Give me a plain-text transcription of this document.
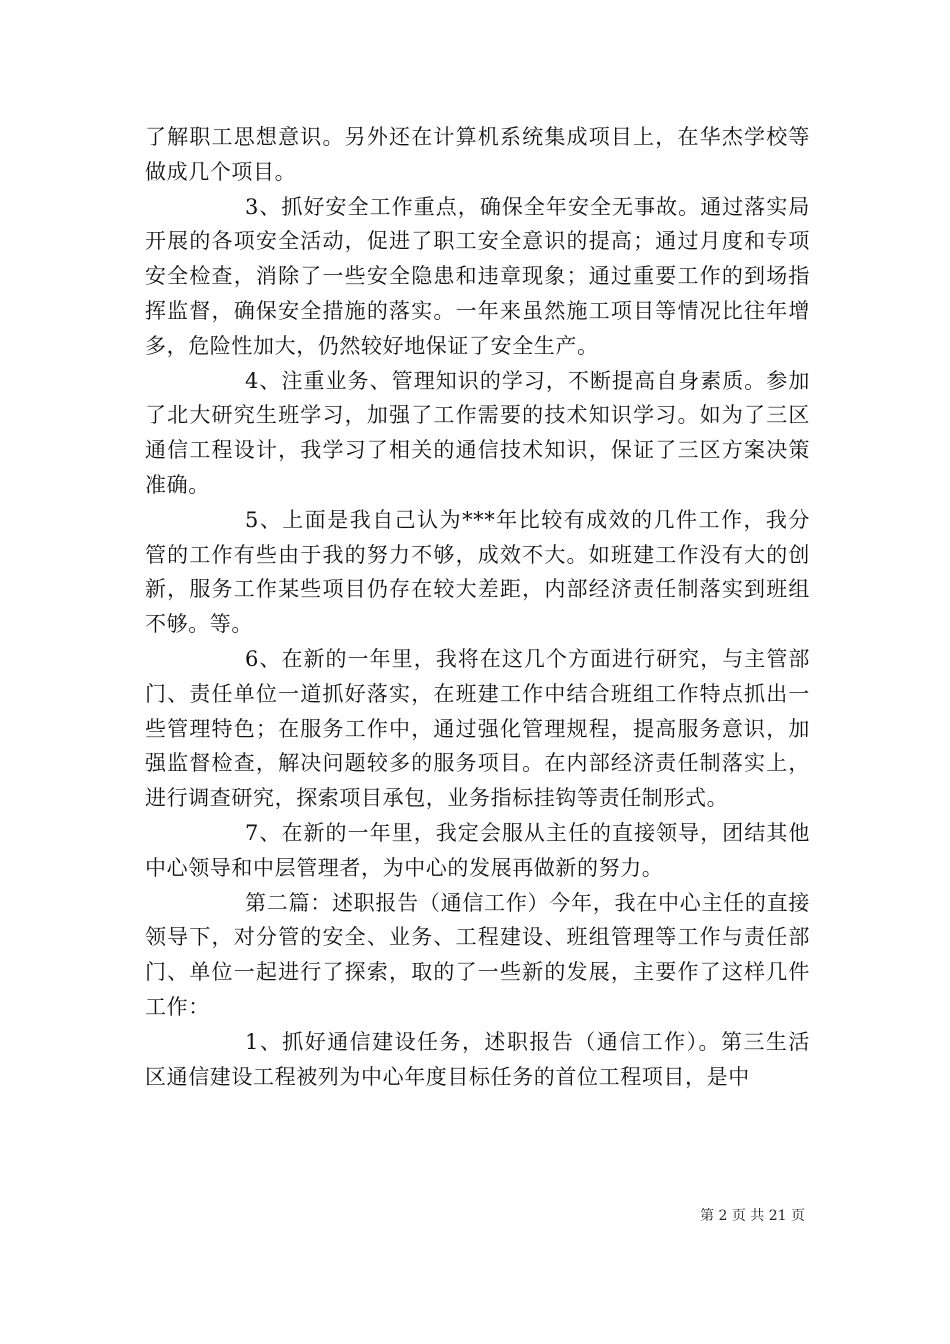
了解职工思想意识。另外还在计算机系统集成项目上，在华杰学校等做成几个项目。

3、抓好安全工作重点，确保全年安全无事故。通过落实局开展的各项安全活动，促进了职工安全意识的提高；通过月度和专项安全检查，消除了一些安全隐患和违章现象；通过重要工作的到场指挥监督，确保安全措施的落实。一年来虽然施工项目等情况比往年增多，危险性加大，仍然较好地保证了安全生产。

4、注重业务、管理知识的学习，不断提高自身素质。参加了北大研究生班学习，加强了工作需要的技术知识学习。如为了三区通信工程设计，我学习了相关的通信技术知识，保证了三区方案决策准确。

5、上面是我自己认为***年比较有成效的几件工作，我分管的工作有些由于我的努力不够，成效不大。如班建工作没有大的创新，服务工作某些项目仍存在较大差距，内部经济责任制落实到班组不够。等。

6、在新的一年里，我将在这几个方面进行研究，与主管部门、责任单位一道抓好落实，在班建工作中结合班组工作特点抓出一些管理特色；在服务工作中，通过强化管理规程，提高服务意识，加强监督检查，解决问题较多的服务项目。在内部经济责任制落实上，进行调查研究，探索项目承包，业务指标挂钩等责任制形式。

7、在新的一年里，我定会服从主任的直接领导，团结其他中心领导和中层管理者，为中心的发展再做新的努力。

第二篇：述职报告（通信工作）今年，我在中心主任的直接领导下，对分管的安全、业务、工程建设、班组管理等工作与责任部门、单位一起进行了探索，取的了一些新的发展，主要作了这样几件工作：

1、抓好通信建设任务，述职报告（通信工作）。第三生活区通信建设工程被列为中心年度目标任务的首位工程项目，是中

第 2 页 共 21 页
